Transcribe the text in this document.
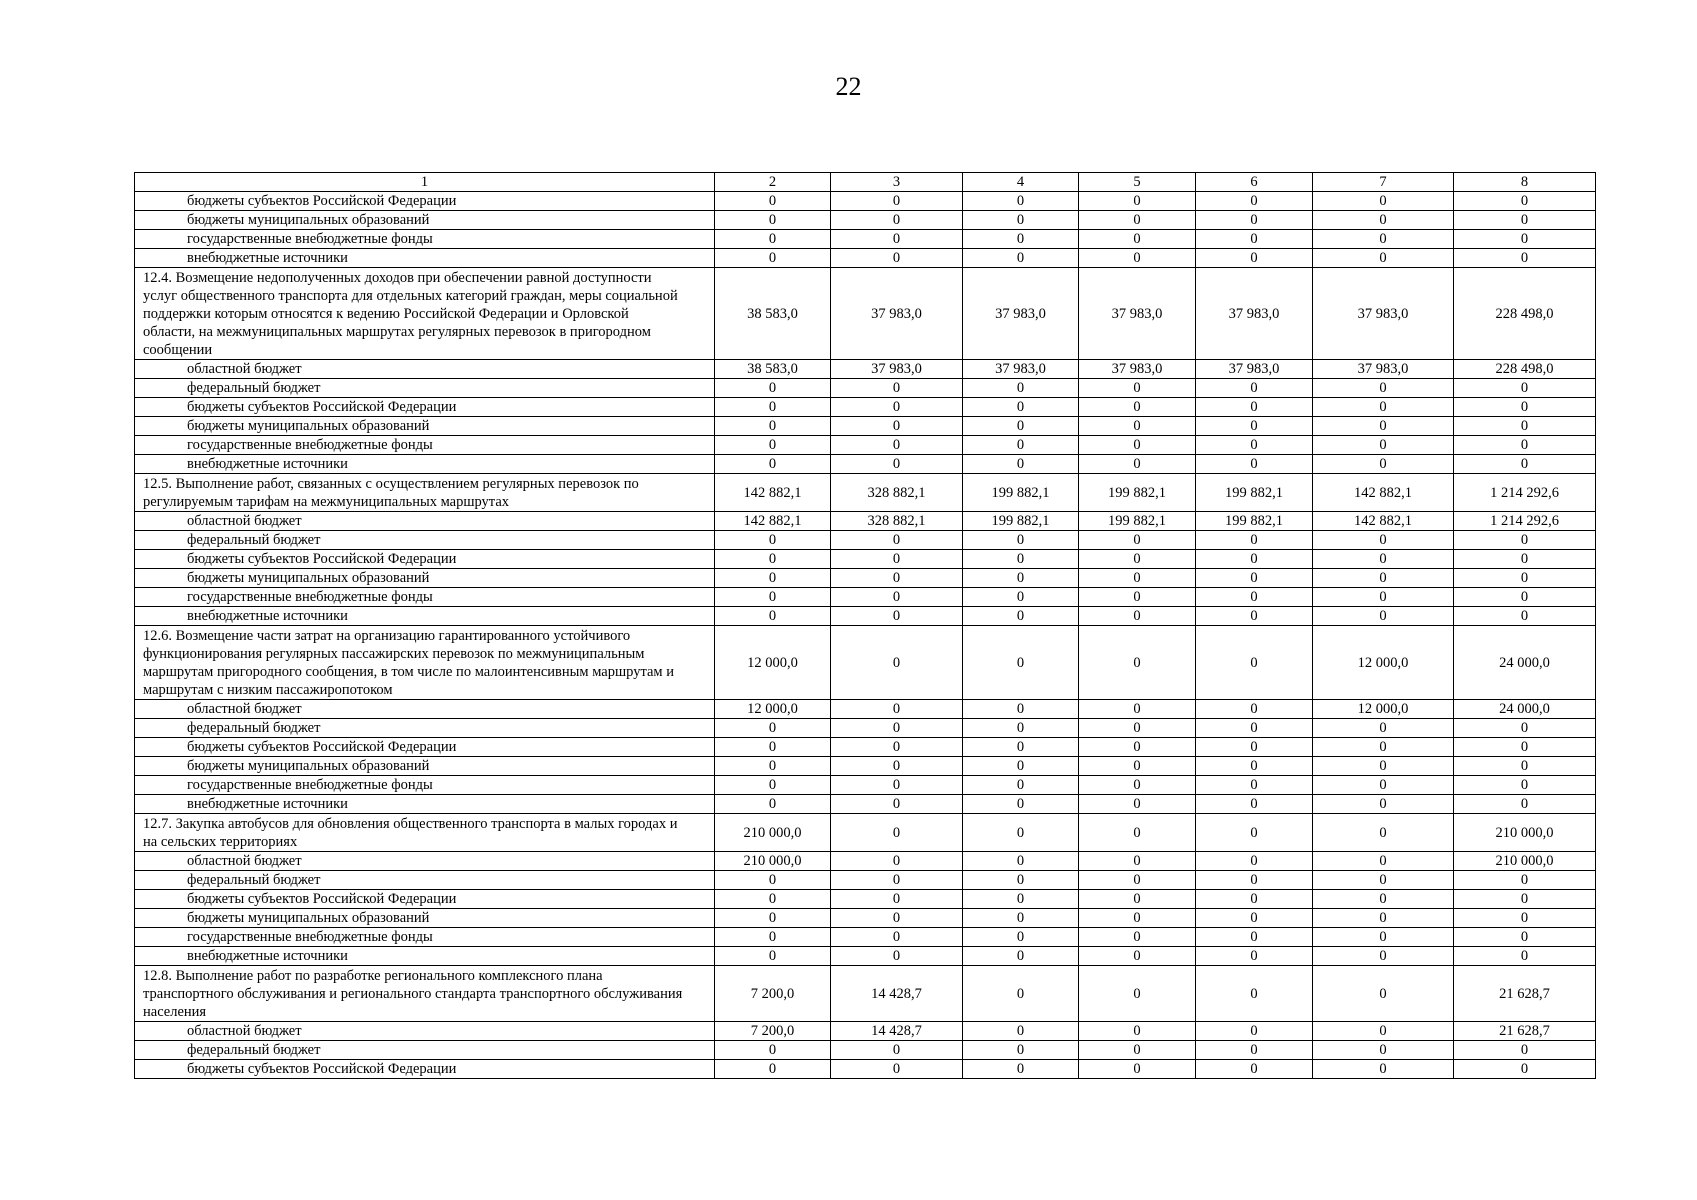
22
1	2	3	4	5	6	7	8
бюджеты субъектов Российской Федерации	0	0	0	0	0	0	0
бюджеты муниципальных образований	0	0	0	0	0	0	0
государственные внебюджетные фонды	0	0	0	0	0	0	0
внебюджетные источники	0	0	0	0	0	0	0
12.4. Возмещение недополученных доходов при обеспечении равной доступности услуг общественного транспорта для отдельных категорий граждан, меры социальной поддержки которым относятся к ведению Российской Федерации и Орловской области, на межмуниципальных маршрутах регулярных перевозок в пригородном сообщении	38 583,0	37 983,0	37 983,0	37 983,0	37 983,0	37 983,0	228 498,0
областной бюджет	38 583,0	37 983,0	37 983,0	37 983,0	37 983,0	37 983,0	228 498,0
федеральный бюджет	0	0	0	0	0	0	0
бюджеты субъектов Российской Федерации	0	0	0	0	0	0	0
бюджеты муниципальных образований	0	0	0	0	0	0	0
государственные внебюджетные фонды	0	0	0	0	0	0	0
внебюджетные источники	0	0	0	0	0	0	0
12.5. Выполнение работ, связанных с осуществлением регулярных перевозок по регулируемым тарифам на межмуниципальных маршрутах	142 882,1	328 882,1	199 882,1	199 882,1	199 882,1	142 882,1	1 214 292,6
областной бюджет	142 882,1	328 882,1	199 882,1	199 882,1	199 882,1	142 882,1	1 214 292,6
федеральный бюджет	0	0	0	0	0	0	0
бюджеты субъектов Российской Федерации	0	0	0	0	0	0	0
бюджеты муниципальных образований	0	0	0	0	0	0	0
государственные внебюджетные фонды	0	0	0	0	0	0	0
внебюджетные источники	0	0	0	0	0	0	0
12.6. Возмещение части затрат на организацию гарантированного устойчивого функционирования регулярных пассажирских перевозок по межмуниципальным маршрутам пригородного сообщения, в том числе по малоинтенсивным маршрутам и маршрутам с низким пассажиропотоком	12 000,0	0	0	0	0	12 000,0	24 000,0
областной бюджет	12 000,0	0	0	0	0	12 000,0	24 000,0
федеральный бюджет	0	0	0	0	0	0	0
бюджеты субъектов Российской Федерации	0	0	0	0	0	0	0
бюджеты муниципальных образований	0	0	0	0	0	0	0
государственные внебюджетные фонды	0	0	0	0	0	0	0
внебюджетные источники	0	0	0	0	0	0	0
12.7. Закупка автобусов для обновления общественного транспорта в малых городах и на сельских территориях	210 000,0	0	0	0	0	0	210 000,0
областной бюджет	210 000,0	0	0	0	0	0	210 000,0
федеральный бюджет	0	0	0	0	0	0	0
бюджеты субъектов Российской Федерации	0	0	0	0	0	0	0
бюджеты муниципальных образований	0	0	0	0	0	0	0
государственные внебюджетные фонды	0	0	0	0	0	0	0
внебюджетные источники	0	0	0	0	0	0	0
12.8. Выполнение работ по разработке регионального комплексного плана транспортного обслуживания и регионального стандарта транспортного обслуживания населения	7 200,0	14 428,7	0	0	0	0	21 628,7
областной бюджет	7 200,0	14 428,7	0	0	0	0	21 628,7
федеральный бюджет	0	0	0	0	0	0	0
бюджеты субъектов Российской Федерации	0	0	0	0	0	0	0
